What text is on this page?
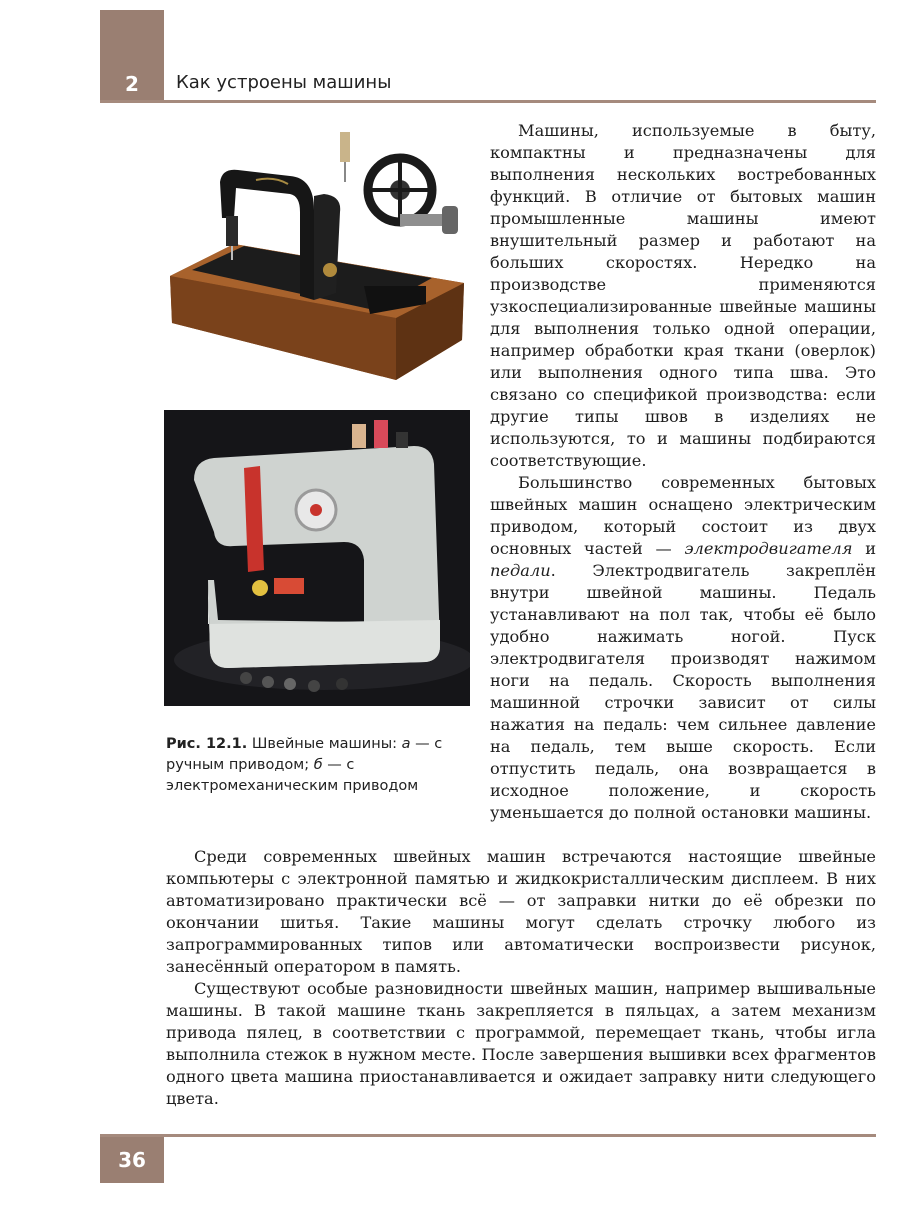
2 Как устроены машины
Рис. 12.1. Швейные машины: а — с ручным приводом; б — с электромеханическим приводом

Машины, используемые в быту, компактны и предназначены для выполнения нескольких востребованных функций. В отличие от бытовых машин промышленные машины имеют внушительный размер и работают на больших скоростях. Нередко на производстве применяются узкоспециализированные швейные машины для выполнения только одной операции, например обработки края ткани (оверлок) или выполнения одного типа шва. Это связано со спецификой производства: если другие типы швов в изделиях не используются, то и машины подбираются соответствующие.

Большинство современных бытовых швейных машин оснащено электрическим приводом, который состоит из двух основных частей — электродвигателя и педали. Электродвигатель закреплён внутри швейной машины. Педаль устанавливают на пол так, чтобы её было удобно нажимать ногой. Пуск электродвигателя производят нажимом ноги на педаль. Скорость выполнения машинной строчки зависит от силы нажатия на педаль: чем сильнее давление на педаль, тем выше скорость. Если отпустить педаль, она возвращается в исходное положение, и скорость уменьшается до полной остановки машины.

Среди современных швейных машин встречаются настоящие швейные компьютеры с электронной памятью и жидкокристаллическим дисплеем. В них автоматизировано практически всё — от заправки нитки до её обрезки по окончании шитья. Такие машины могут сделать строчку любого из запрограммированных типов или автоматически воспроизвести рисунок, занесённый оператором в память.

Существуют особые разновидности швейных машин, например вышивальные машины. В такой машине ткань закрепляется в пяльцах, а затем механизм привода пялец, в соответствии с программой, перемещает ткань, чтобы игла выполнила стежок в нужном месте. После завершения вышивки всех фрагментов одного цвета машина приостанавливается и ожидает заправку нити следующего цвета.

36
